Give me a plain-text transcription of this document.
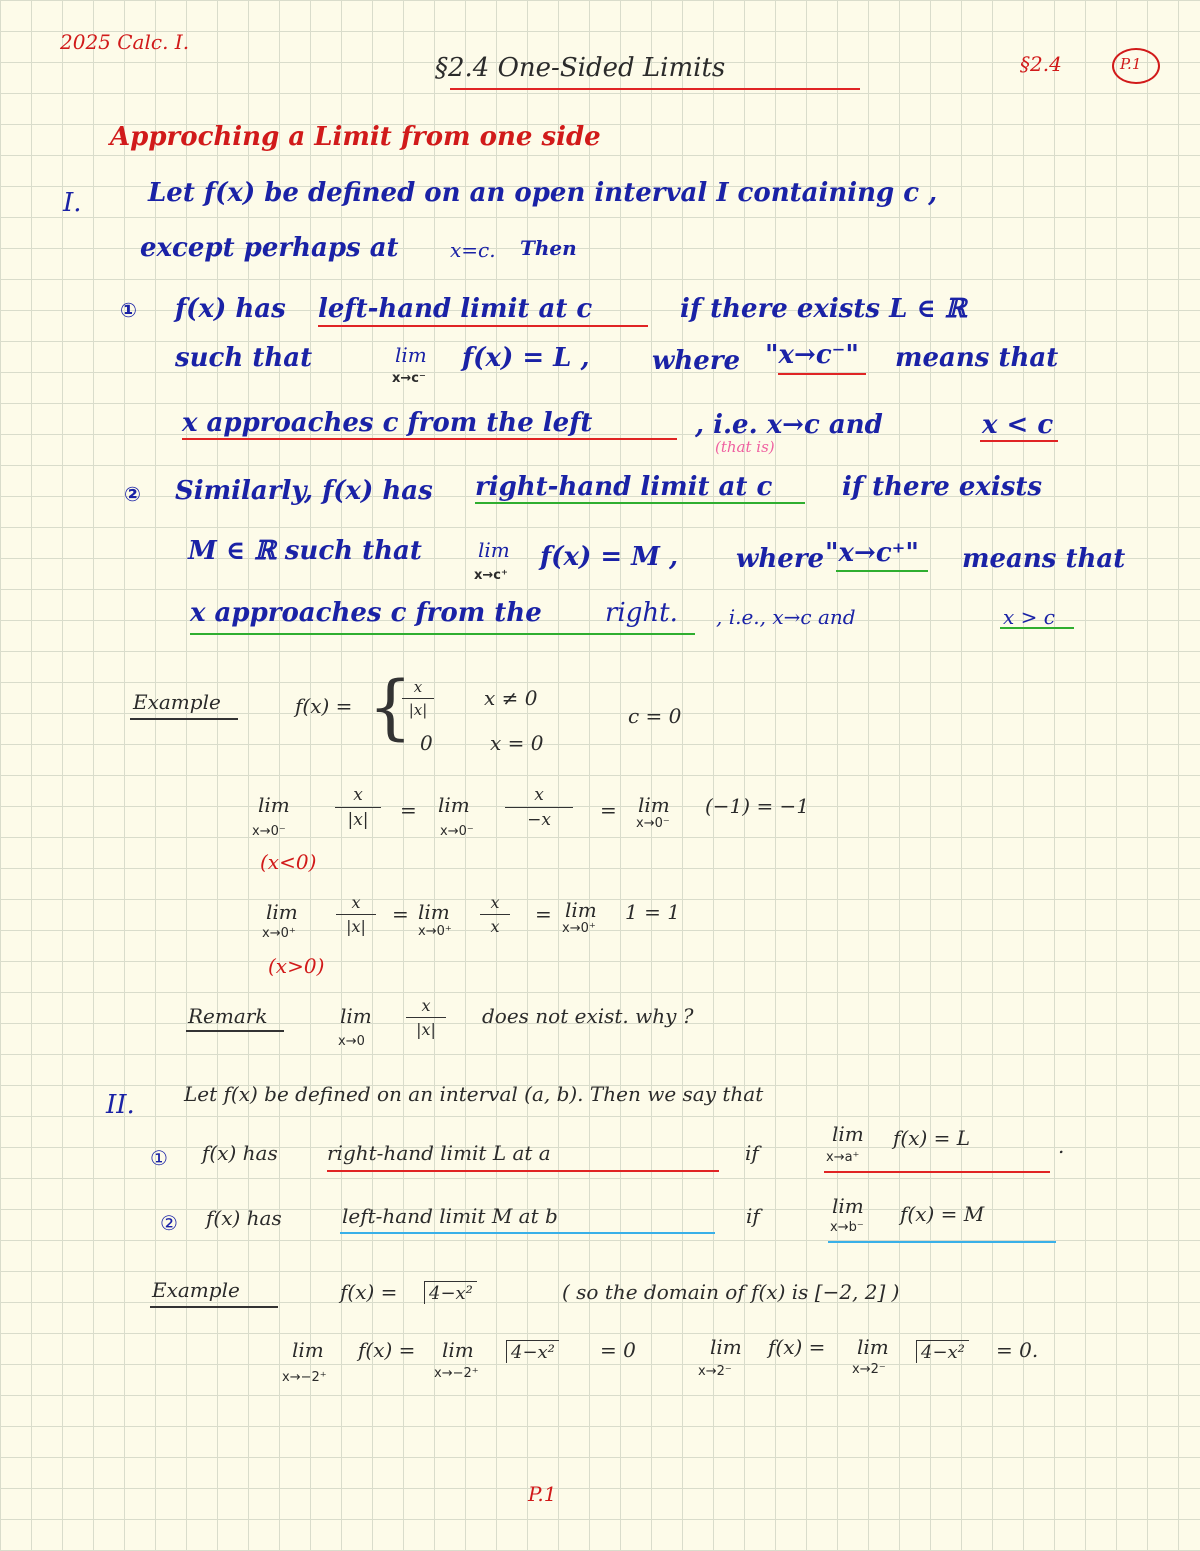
2025 Calc. I.
§2.4 One-Sided Limits	§2.4	P.1
Approching a Limit from one side
I.	Let f(x) be defined on an open interval I containing c ,
except perhaps at	x=c. Then
① f(x) has left-hand limit at c	if there exists L ∈ ℝ
such that	lim
x→c⁻
f(x) = L , where "x→c⁻" means that
x approaches c from the left	, i.e. x→c and	x < c
(that is)
② Similarly, f(x) has right-hand limit at c	if there exists
M ∈ ℝ such that	lim
x→c⁺
f(x) = M , where "x→c⁺" means that
x approaches c from the right. , i.e., x→c and	x > c
Example	f(x) = { x
|x|	x ≠ 0
0	x = 0
c = 0
lim
x→0⁻
x
|x|	= lim
x→0⁻
x
−x	= lim
x→0⁻
(−1) = −1
(x<0)
lim
x→0⁺
x
|x|
= lim
x→0⁺
x
x
= lim
x→0⁺
1 = 1
(x>0)
Remark	lim
x→0
x
|x|
does not exist. why ?
II. Let f(x) be defined on an interval (a, b). Then we say that
① f(x) has right-hand limit L at a	if
lim
x→a⁺
f(x) = L	.
② f(x) has	left-hand limit M at b	if	lim
x→b⁻
f(x) = M
Example	f(x) = 4−x²	( so the domain of f(x) is [−2, 2] )
lim
x→−2⁺
f(x) = lim
x→−2⁺
4−x² = 0	lim
x→2⁻
f(x) = lim
x→2⁻
4−x² = 0.
P.1
